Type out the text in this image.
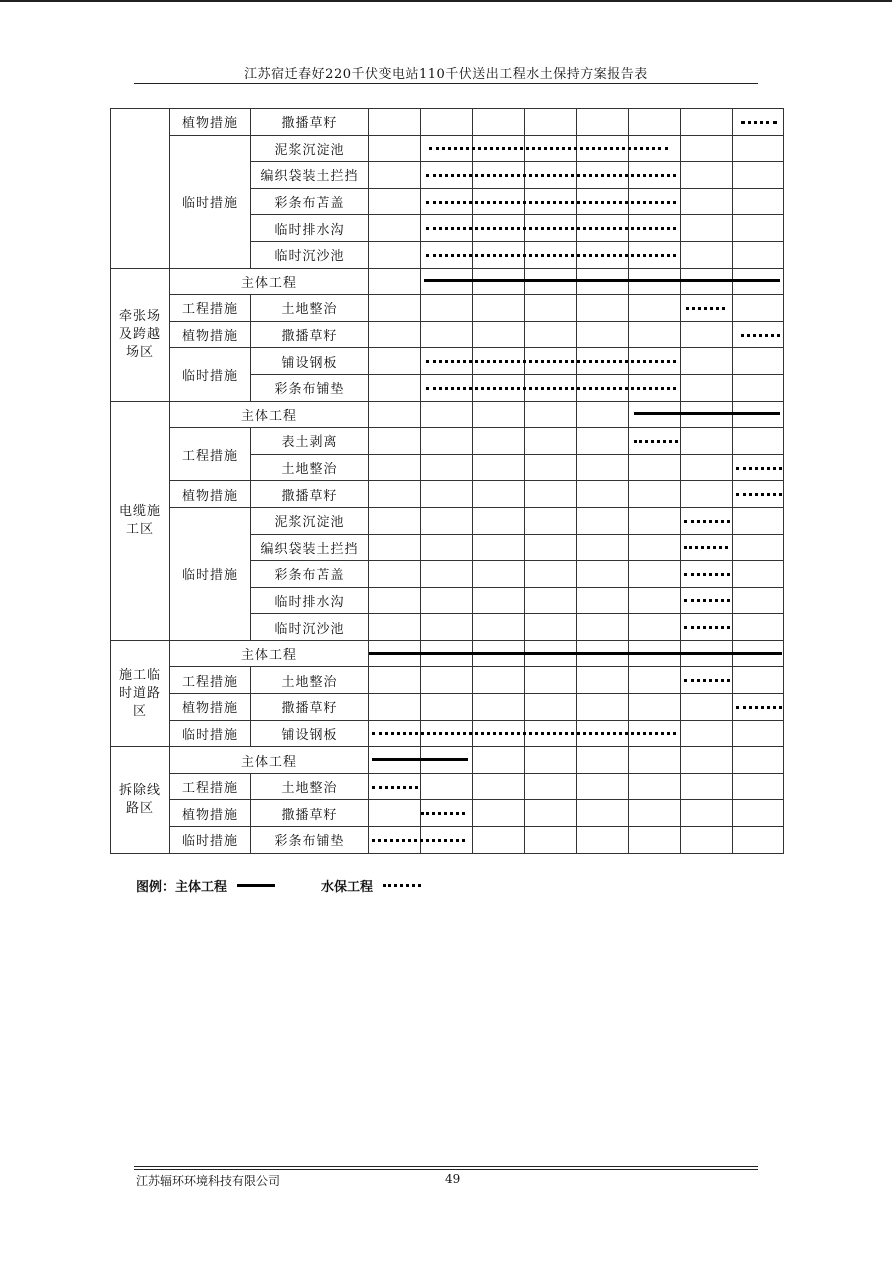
江苏宿迁春好220千伏变电站110千伏送出工程水土保持方案报告表
	植物措施	撒播草籽	

	临时措施	泥浆沉淀池	

		编织袋装土拦挡	

		彩条布苫盖	

		临时排水沟	

		临时沉沙池	

牵张场及跨越场区	主体工程		

	工程措施	土地整治	

	植物措施	撒播草籽	

	临时措施	铺设钢板	

		彩条布铺垫	

电缆施工区	主体工程		

	工程措施	表土剥离	

		土地整治	

	植物措施	撒播草籽	

	临时措施	泥浆沉淀池	

		编织袋装土拦挡	

		彩条布苫盖	

		临时排水沟	

		临时沉沙池	

施工临时道路区	主体工程		

	工程措施	土地整治	

	植物措施	撒播草籽	

	临时措施	铺设钢板	

拆除线路区	主体工程		

	工程措施	土地整治	

	植物措施	撒播草籽	

	临时措施	彩条布铺垫	

图例： 主体工程	水保工程
江苏辐环环境科技有限公司	49
